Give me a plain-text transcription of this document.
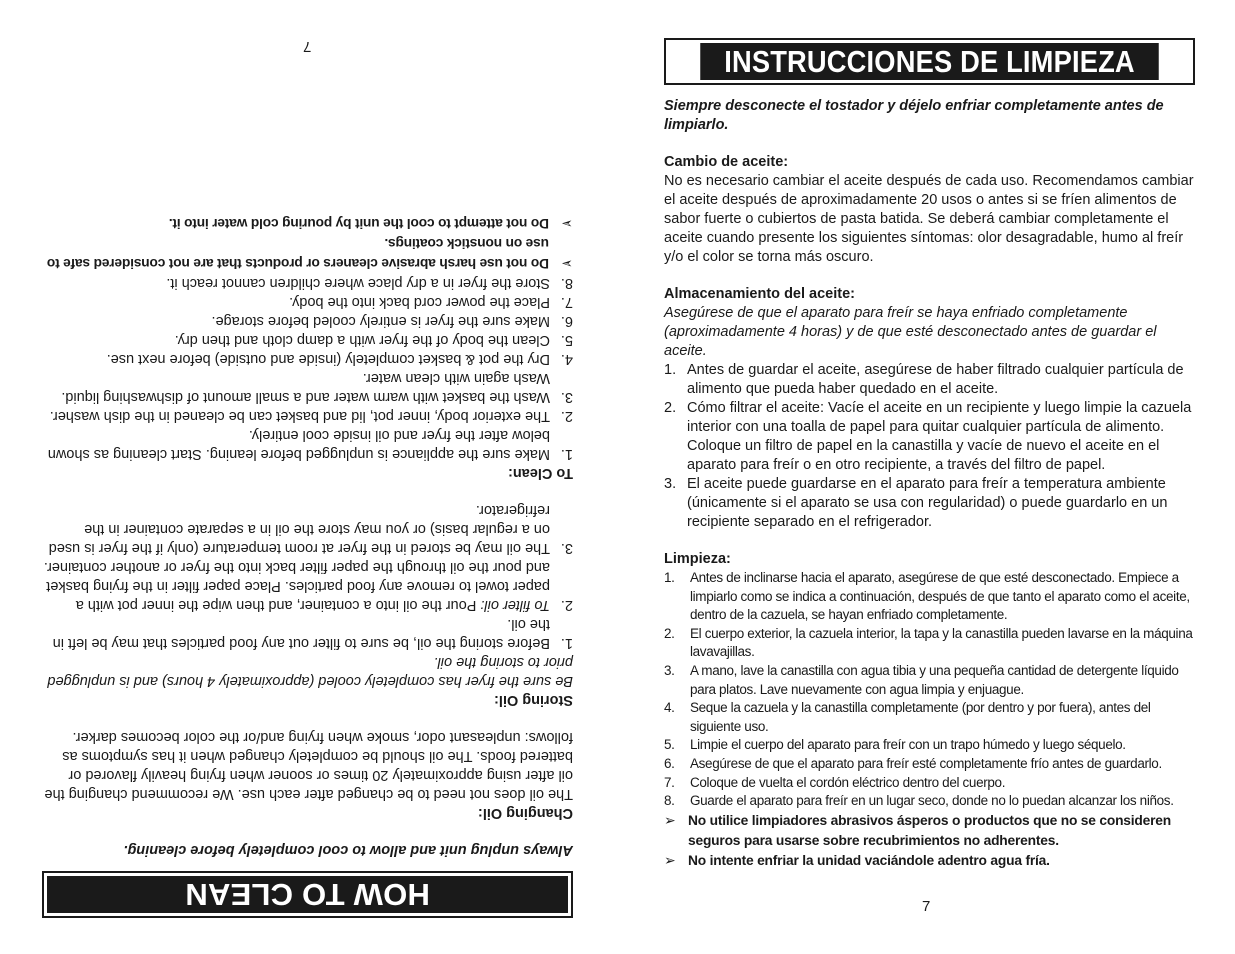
INSTRUCCIONES DE LIMPIEZA

Siempre desconecte el tostador y déjelo enfriar completamente antes de limpiarlo.

Cambio de aceite:

No es necesario cambiar el aceite después de cada uso. Recomendamos cambiar el aceite después de aproximadamente 20 usos o antes si se fríen alimentos de sabor fuerte o cubiertos de pasta batida. Se deberá cambiar completamente el aceite cuando presente los siguientes síntomas: olor desagradable, humo al freír y/o el color se torna más oscuro.

Almacenamiento del aceite:

Asegúrese de que el aparato para freír se haya enfriado completamente (aproximadamente 4 horas) y de que esté desconectado antes de guardar el aceite.

1. Antes de guardar el aceite, asegúrese de haber filtrado cualquier partícula de alimento que pueda haber quedado en el aceite.
2. Cómo filtrar el aceite: Vacíe el aceite en un recipiente y luego limpie la cazuela interior con una toalla de papel para quitar cualquier partícula de alimento. Coloque un filtro de papel en la canastilla y vacíe de nuevo el aceite en el aparato para freír o en otro recipiente, a través del filtro de papel.
3. El aceite puede guardarse en el aparato para freír a temperatura ambiente (únicamente si el aparato se usa con regularidad) o puede guardarlo en un recipiente separado en el refrigerador.

Limpieza:

1. Antes de inclinarse hacia el aparato, asegúrese de que esté desconectado. Empiece a limpiarlo como se indica a continuación, después de que tanto el aparato como el aceite, dentro de la cazuela, se hayan enfriado completamente.
2. El cuerpo exterior, la cazuela interior, la tapa y la canastilla pueden lavarse en la máquina lavavajillas.
3. A mano, lave la canastilla con agua tibia y una pequeña cantidad de detergente líquido para platos. Lave nuevamente con agua limpia y enjuague.
4. Seque la cazuela y la canastilla completamente (por dentro y por fuera), antes del siguiente uso.
5. Limpie el cuerpo del aparato para freír con un trapo húmedo y luego séquelo.
6. Asegúrese de que el aparato para freír esté completamente frío antes de guardarlo.
7. Coloque de vuelta el cordón eléctrico dentro del cuerpo.
8. Guarde el aparato para freír en un lugar seco, donde no lo puedan alcanzar los niños.
➢ No utilice limpiadores abrasivos ásperos o productos que no se consideren seguros para usarse sobre recubrimientos no adherentes.
➢ No intente enfriar la unidad vaciándole adentro agua fría.
7
HOW TO CLEAN

Always unplug unit and allow to cool completely before cleaning.

Changing Oil:

The oil does not need to be changed after each use. We recommend changing the oil after using approximately 20 times or sooner when frying heavily flavored or battered foods. The oil should be completely changed when it has symptoms as follows: unpleasant odor, smoke when frying and/or the color becomes darker.

Storing Oil:

Be sure the fryer has completely cooled (approximately 4 hours) and is unplugged prior to storing the oil.

1.
Before storing the oil, be sure to filter out any food particles that may be left in the oil.
2.
To filter oil: Pour the oil into a container, and then wipe the inner pot with a paper towel to remove any food particles. Place paper filter in the frying basket and pour the oil through the paper filter back into the fryer or another container.
3.
The oil may be stored in the fryer at room temperature (only if the fryer is used on a regular basis) or you may store the oil in a separate container in the refrigerator.

To Clean:

1.
Make sure the appliance is unplugged before leaning. Start cleaning as shown below after the fryer and oil inside cool entirely.
2.
The exterior body, inner pot, lid and basket can be cleaned in the dish washer.
3.
Wash the basket with warm water and a small amount of dishwashing liquid. Wash again with clean water.
4.
Dry the pot & basket completely (inside and outside) before next use.
5.
Clean the body of the fryer with a damp cloth and then dry.
6.
Make sure the fryer is entirely cooled before storage.
7.
Place the power cord back into the body.
8.
Store the fryer in a dry place where children cannot reach it.
➢
Do not use harsh abrasive cleaners or products that are not considered safe to use on nonstick coatings.
➢
Do not attempt to cool the unit by pouring cold water into it.
7
